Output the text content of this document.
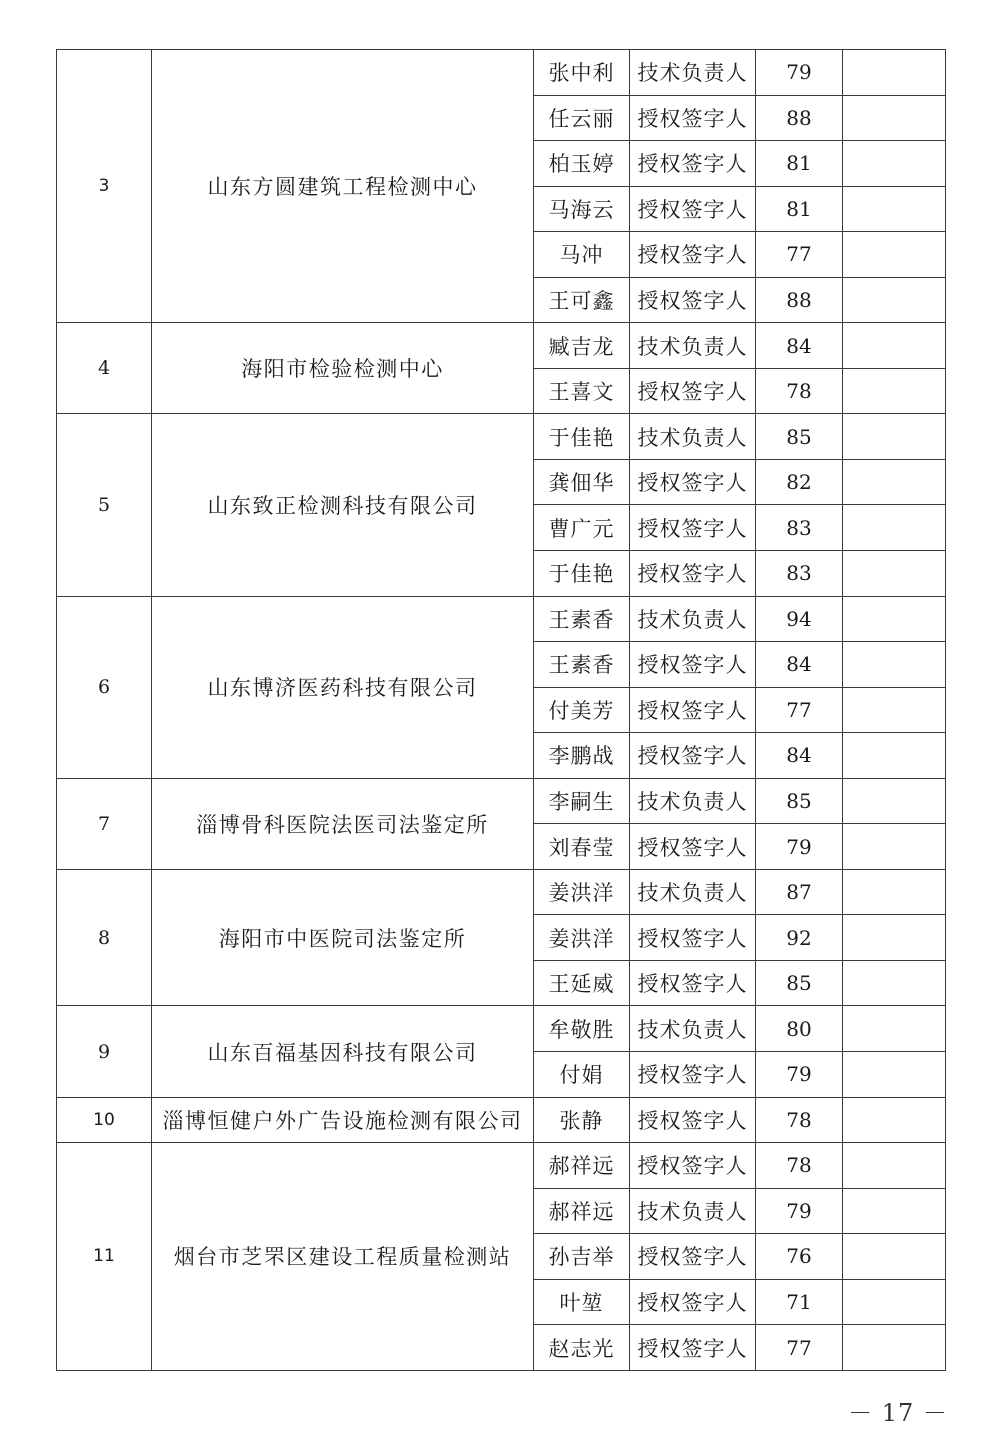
3	山东方圆建筑工程检测中心	张中利	技术负责人	79	
		任云丽	授权签字人	88	
		柏玉婷	授权签字人	81	
		马海云	授权签字人	81	
		马冲	授权签字人	77	
		王可鑫	授权签字人	88	
4	海阳市检验检测中心	臧吉龙	技术负责人	84	
		王喜文	授权签字人	78	
5	山东致正检测科技有限公司	于佳艳	技术负责人	85	
		龚佃华	授权签字人	82	
		曹广元	授权签字人	83	
		于佳艳	授权签字人	83	
6	山东博济医药科技有限公司	王素香	技术负责人	94	
		王素香	授权签字人	84	
		付美芳	授权签字人	77	
		李鹏战	授权签字人	84	
7	淄博骨科医院法医司法鉴定所	李嗣生	技术负责人	85	
		刘春莹	授权签字人	79	
8	海阳市中医院司法鉴定所	姜洪洋	技术负责人	87	
		姜洪洋	授权签字人	92	
		王延威	授权签字人	85	
9	山东百福基因科技有限公司	牟敬胜	技术负责人	80	
		付娟	授权签字人	79	
10	淄博恒健户外广告设施检测有限公司	张静	授权签字人	78	
11	烟台市芝罘区建设工程质量检测站	郝祥远	授权签字人	78	
		郝祥远	技术负责人	79	
		孙吉举	授权签字人	76	
		叶堃	授权签字人	71	
		赵志光	授权签字人	77	
－ 17 －
